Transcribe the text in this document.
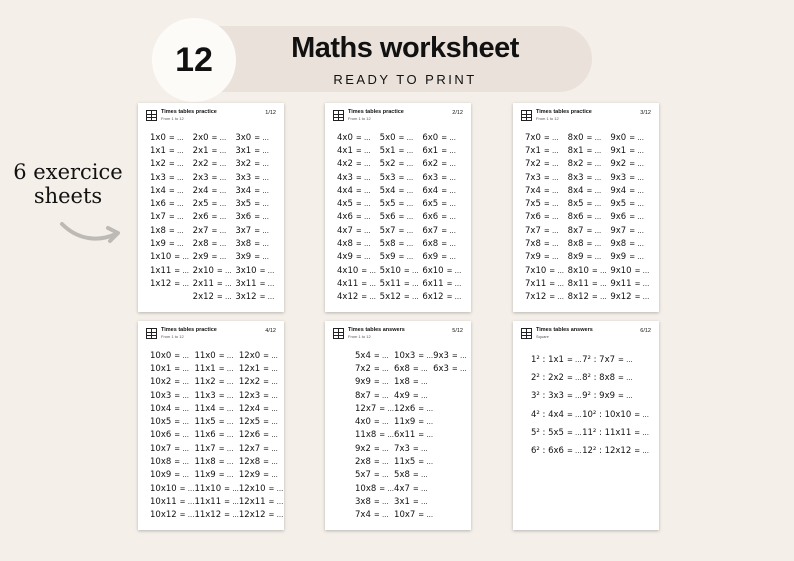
12	Maths worksheet
READY TO PRINT
6 exercice sheets
Times tables practice
From 1 to 12
1/12
1x0 = ...
1x1 = ...
1x2 = ...
1x3 = ...
1x4 = ...
1x6 = ...
1x7 = ...
1x8 = ...
1x9 = ...
1x10 = ...
1x11 = ...
1x12 = ...
2x0 = ...
2x1 = ...
2x2 = ...
2x3 = ...
2x4 = ...
2x5 = ...
2x6 = ...
2x7 = ...
2x8 = ...
2x9 = ...
2x10 = ...
2x11 = ...
2x12 = ...
3x0 = ...
3x1 = ...
3x2 = ...
3x3 = ...
3x4 = ...
3x5 = ...
3x6 = ...
3x7 = ...
3x8 = ...
3x9 = ...
3x10 = ...
3x11 = ...
3x12 = ...
Times tables practice
From 1 to 12
2/12
4x0 = ...
4x1 = ...
4x2 = ...
4x3 = ...
4x4 = ...
4x5 = ...
4x6 = ...
4x7 = ...
4x8 = ...
4x9 = ...
4x10 = ...
4x11 = ...
4x12 = ...
5x0 = ...
5x1 = ...
5x2 = ...
5x3 = ...
5x4 = ...
5x5 = ...
5x6 = ...
5x7 = ...
5x8 = ...
5x9 = ...
5x10 = ...
5x11 = ...
5x12 = ...
6x0 = ...
6x1 = ...
6x2 = ...
6x3 = ...
6x4 = ...
6x5 = ...
6x6 = ...
6x7 = ...
6x8 = ...
6x9 = ...
6x10 = ...
6x11 = ...
6x12 = ...
Times tables practice
From 1 to 12
3/12
7x0 = ...
7x1 = ...
7x2 = ...
7x3 = ...
7x4 = ...
7x5 = ...
7x6 = ...
7x7 = ...
7x8 = ...
7x9 = ...
7x10 = ...
7x11 = ...
7x12 = ...
8x0 = ...
8x1 = ...
8x2 = ...
8x3 = ...
8x4 = ...
8x5 = ...
8x6 = ...
8x7 = ...
8x8 = ...
8x9 = ...
8x10 = ...
8x11 = ...
8x12 = ...
9x0 = ...
9x1 = ...
9x2 = ...
9x3 = ...
9x4 = ...
9x5 = ...
9x6 = ...
9x7 = ...
9x8 = ...
9x9 = ...
9x10 = ...
9x11 = ...
9x12 = ...
Times tables practice
From 1 to 12
4/12
10x0 = ...
10x1 = ...
10x2 = ...
10x3 = ...
10x4 = ...
10x5 = ...
10x6 = ...
10x7 = ...
10x8 = ...
10x9 = ...
10x10 = ...
10x11 = ...
10x12 = ...
11x0 = ...
11x1 = ...
11x2 = ...
11x3 = ...
11x4 = ...
11x5 = ...
11x6 = ...
11x7 = ...
11x8 = ...
11x9 = ...
11x10 = ...
11x11 = ...
11x12 = ...
12x0 = ...
12x1 = ...
12x2 = ...
12x3 = ...
12x4 = ...
12x5 = ...
12x6 = ...
12x7 = ...
12x8 = ...
12x9 = ...
12x10 = ...
12x11 = ...
12x12 = ...
Times tables answers
From 1 to 12
5/12
5x4 = ...
7x2 = ...
9x9 = ...
8x7 = ...
12x7 = ...
4x0 = ...
11x8 = ...
9x2 = ...
2x8 = ...
5x7 = ...
10x8 = ...
3x8 = ...
7x4 = ...
10x3 = ...
6x8 = ...
1x8 = ...
4x9 = ...
12x6 = ...
11x9 = ...
6x11 = ...
7x3 = ...
11x5 = ...
5x8 = ...
4x7 = ...
3x1 = ...
10x7 = ...
9x3 = ...
6x3 = ...
Times tables answers
Square
6/12
1² : 1x1 = ...
2² : 2x2 = ...
3² : 3x3 = ...
4² : 4x4 = ...
5² : 5x5 = ...
6² : 6x6 = ...
7² : 7x7 = ...
8² : 8x8 = ...
9² : 9x9 = ...
10² : 10x10 = ...
11² : 11x11 = ...
12² : 12x12 = ...
